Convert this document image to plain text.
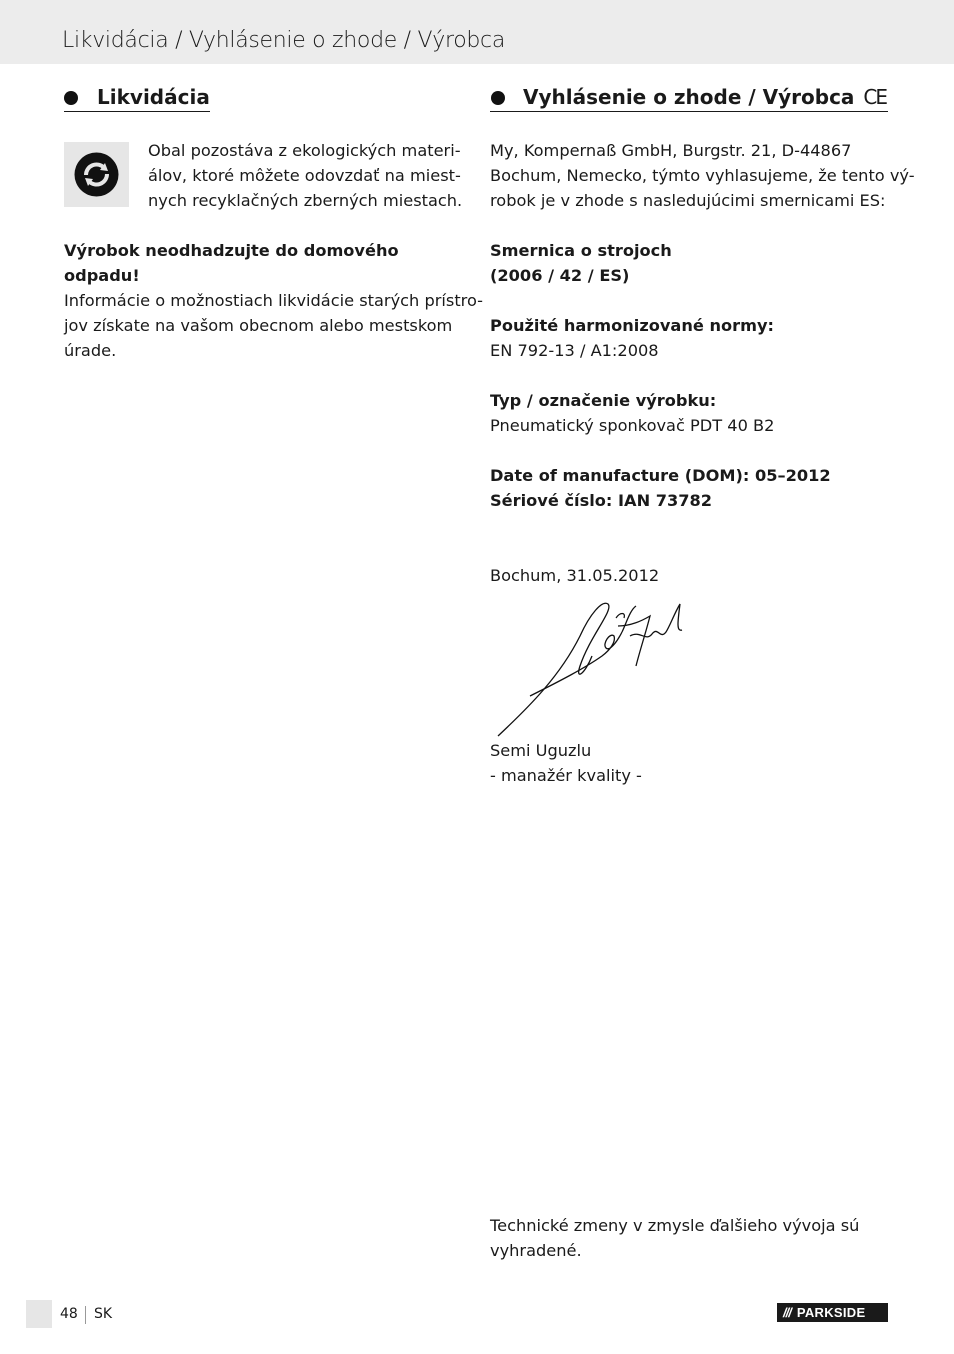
Likvidácia / Vyhlásenie o zhode / Výrobca
Likvidácia
Obal pozostáva z ekologických materi-
álov, ktoré môžete odovzdať na miest-
nych recyklačných zberných miestach.
Výrobok neodhadzujte do domového
odpadu!
Informácie o možnostiach likvidácie starých prístro-
jov získate na vašom obecnom alebo mestskom
úrade.
Vyhlásenie o zhode / Výrobca CE
My, Kompernaß GmbH, Burgstr. 21, D-44867
Bochum, Nemecko, týmto vyhlasujeme, že tento vý-
robok je v zhode s nasledujúcimi smernicami ES:
Smernica o strojoch
(2006 / 42 / ES)
Použité harmonizované normy:
EN 792-13 / A1:2008
Typ / označenie výrobku:
Pneumatický sponkovač PDT 40 B2
Date of manufacture (DOM): 05–2012
Sériové číslo: IAN 73782
Bochum, 31.05.2012
Semi Uguzlu
- manažér kvality -
Technické zmeny v zmysle ďalšieho vývoja sú
vyhradené.
48 SK	/// PARKSIDE
